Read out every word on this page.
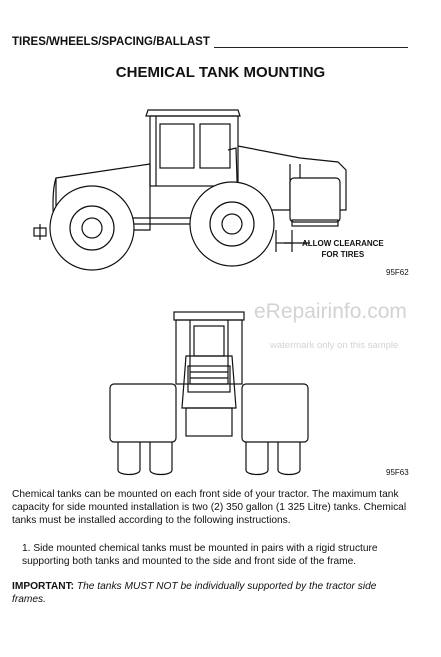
TIRES/WHEELS/SPACING/BALLAST
CHEMICAL TANK MOUNTING
ALLOW CLEARANCE
FOR TIRES
95F62
eRepairinfo.com
watermark only on this sample
95F63
Chemical tanks can be mounted on each front side of your tractor. The maximum tank capacity for side mounted installation is two (2) 350 gallon (1 325 Litre) tanks. Chemical tanks must be installed according to the following instructions.
1. Side mounted chemical tanks must be mounted in pairs with a rigid structure supporting both tanks and mounted to the side and front side of the frame.
IMPORTANT: The tanks MUST NOT be individually supported by the tractor side frames.
